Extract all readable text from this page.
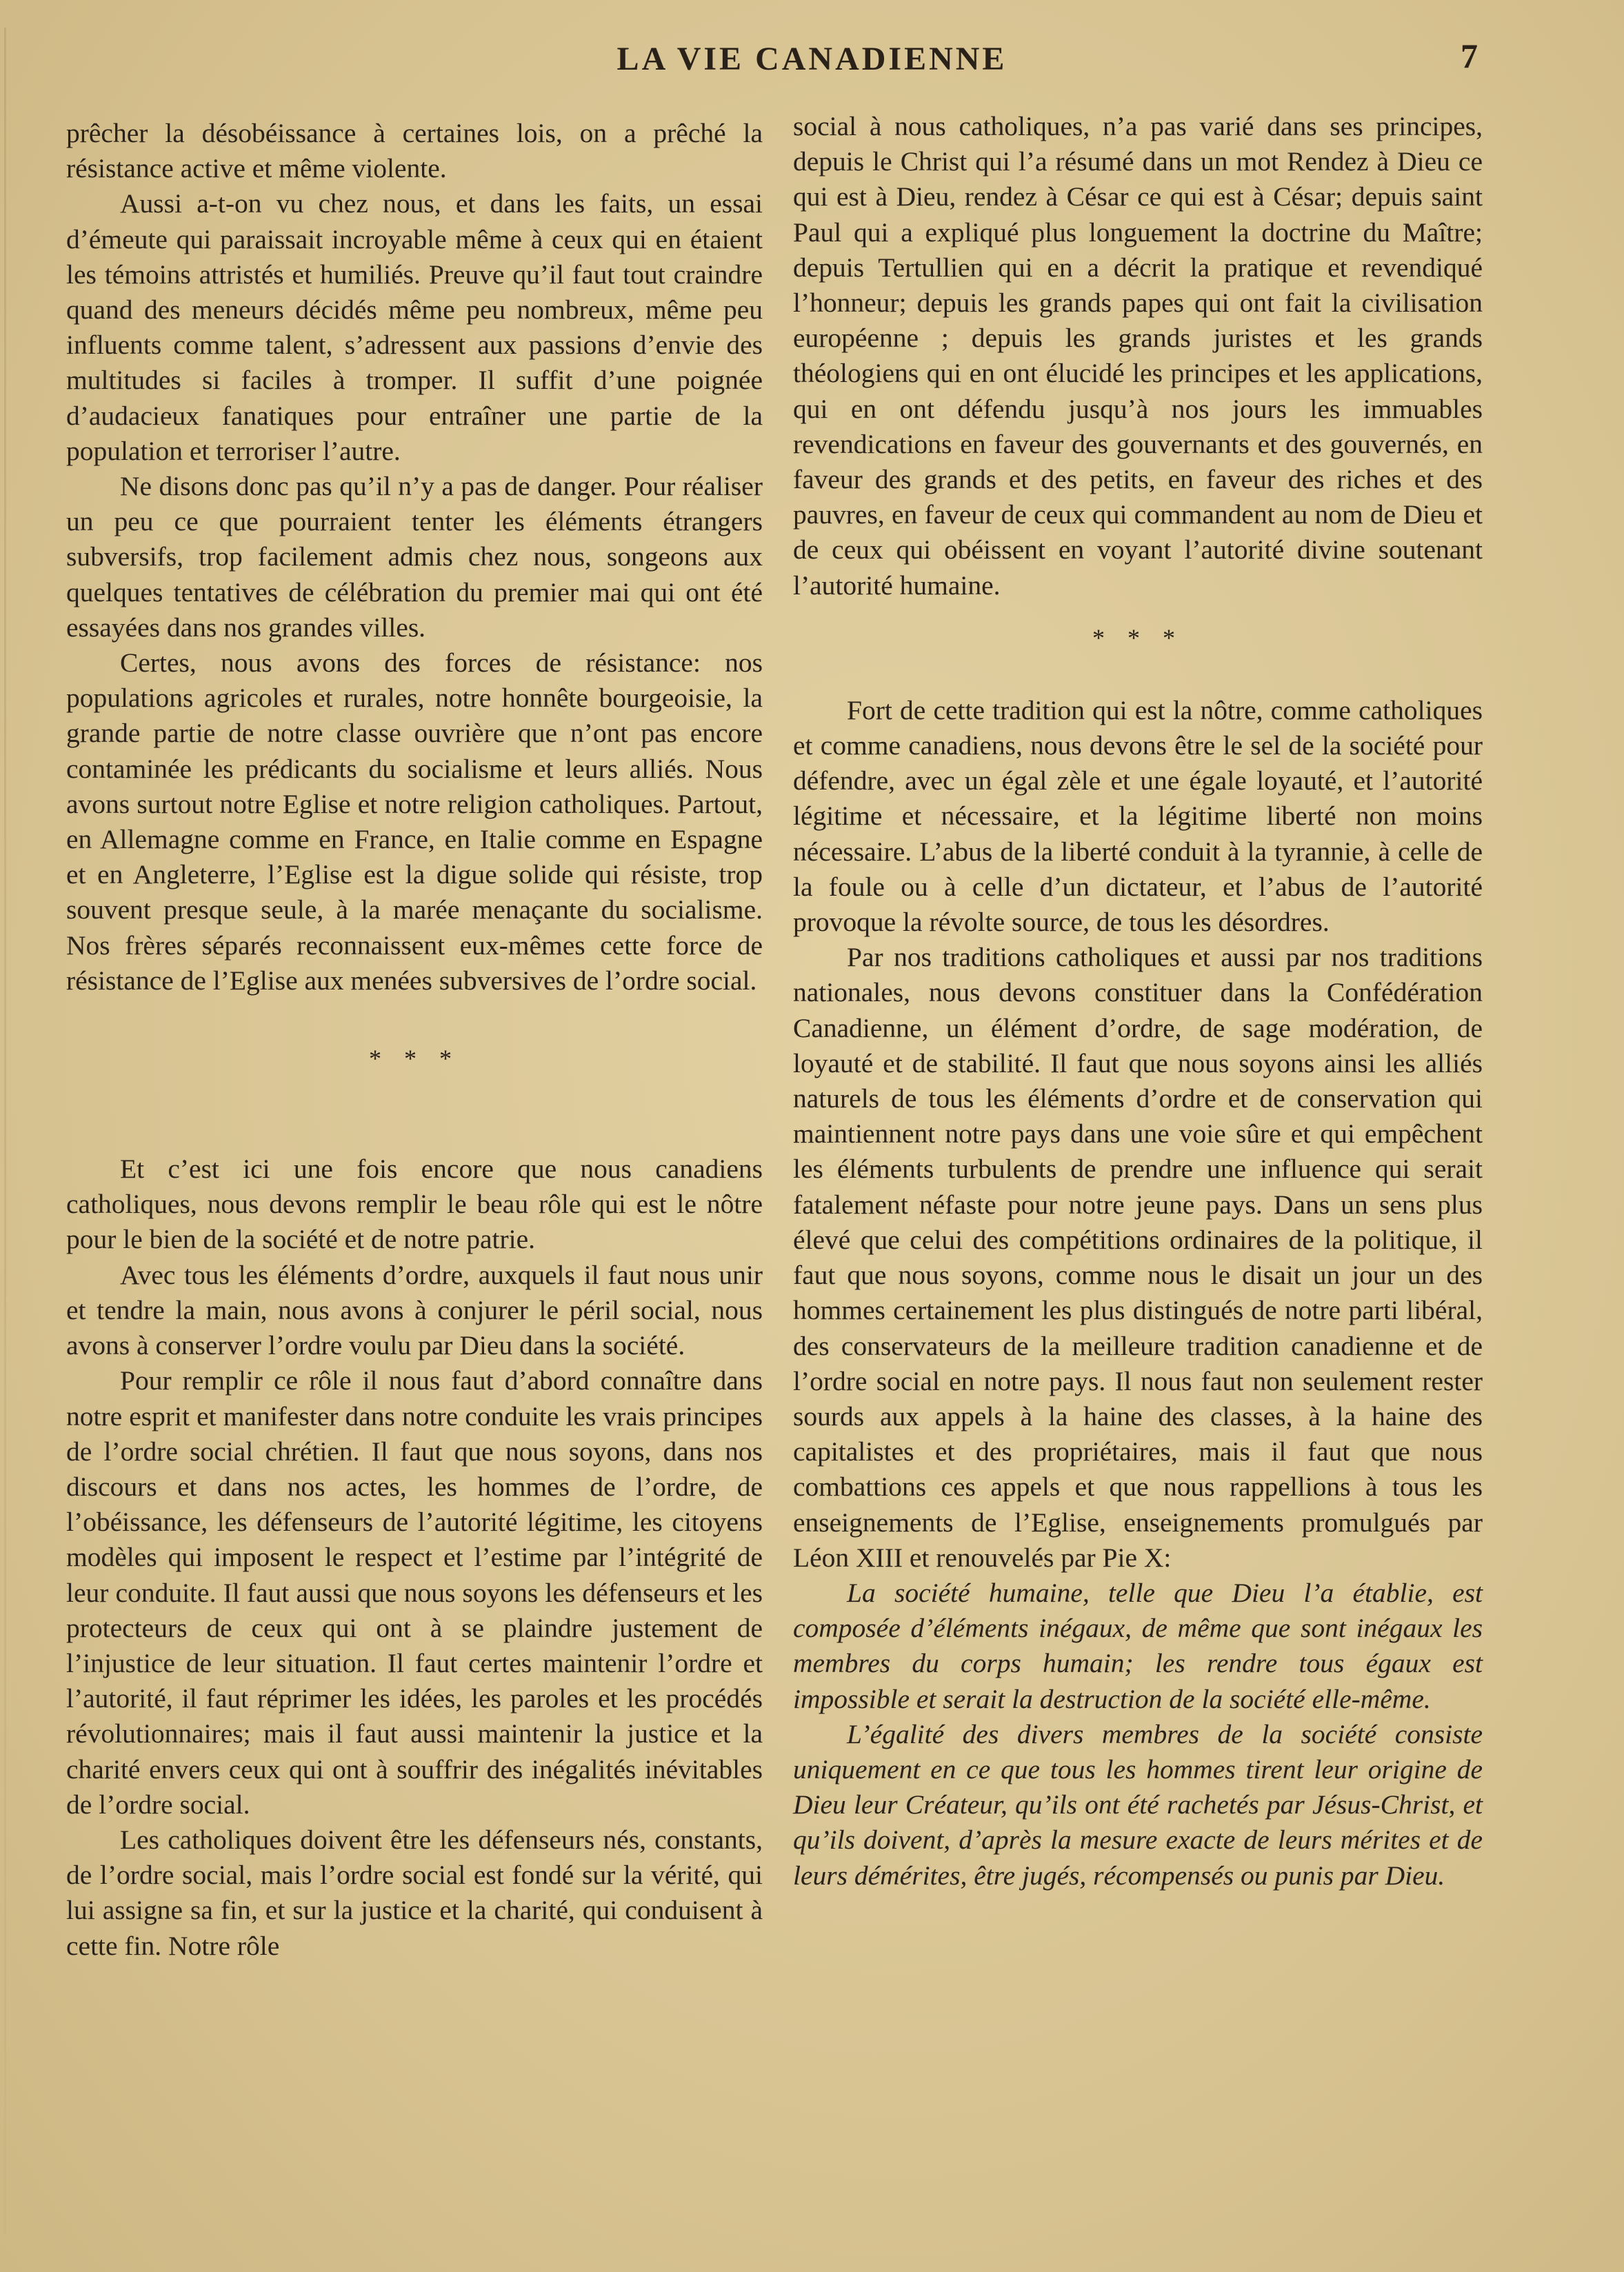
LA VIE CANADIENNE	7

prêcher la désobéissance à certaines lois, on a prêché la résistance active et même violente.

Aussi a-t-on vu chez nous, et dans les faits, un essai d’émeute qui paraissait incroyable même à ceux qui en étaient les témoins attristés et humiliés. Preuve qu’il faut tout craindre quand des meneurs décidés même peu nombreux, même peu influents comme talent, s’adressent aux passions d’envie des multitudes si faciles à tromper. Il suffit d’une poignée d’audacieux fanatiques pour entraîner une partie de la population et terroriser l’autre.

Ne disons donc pas qu’il n’y a pas de danger. Pour réaliser un peu ce que pourraient tenter les éléments étrangers subversifs, trop facilement admis chez nous, songeons aux quelques tentatives de célébration du premier mai qui ont été essayées dans nos grandes villes.

Certes, nous avons des forces de résistance: nos populations agricoles et rurales, notre honnête bourgeoisie, la grande partie de notre classe ouvrière que n’ont pas encore contaminée les prédicants du socialisme et leurs alliés. Nous avons surtout notre Eglise et notre religion catholiques. Partout, en Allemagne comme en France, en Italie comme en Espagne et en Angleterre, l’Eglise est la digue solide qui résiste, trop souvent presque seule, à la marée menaçante du socialisme. Nos frères séparés reconnaissent eux-mêmes cette force de résistance de l’Eglise aux menées subversives de l’ordre social.

* * *

Et c’est ici une fois encore que nous canadiens catholiques, nous devons remplir le beau rôle qui est le nôtre pour le bien de la société et de notre patrie.

Avec tous les éléments d’ordre, auxquels il faut nous unir et tendre la main, nous avons à conjurer le péril social, nous avons à conserver l’ordre voulu par Dieu dans la société.

Pour remplir ce rôle il nous faut d’abord connaître dans notre esprit et manifester dans notre conduite les vrais principes de l’ordre social chrétien. Il faut que nous soyons, dans nos discours et dans nos actes, les hommes de l’ordre, de l’obéissance, les défenseurs de l’autorité légitime, les citoyens modèles qui imposent le respect et l’estime par l’intégrité de leur conduite. Il faut aussi que nous soyons les défenseurs et les protecteurs de ceux qui ont à se plaindre justement de l’injustice de leur situation. Il faut certes maintenir l’ordre et l’autorité, il faut réprimer les idées, les paroles et les procédés révolutionnaires; mais il faut aussi maintenir la justice et la charité envers ceux qui ont à souffrir des inégalités inévitables de l’ordre social.

Les catholiques doivent être les défenseurs nés, constants, de l’ordre social, mais l’ordre social est fondé sur la vérité, qui lui assigne sa fin, et sur la justice et la charité, qui conduisent à cette fin. Notre rôle

social à nous catholiques, n’a pas varié dans ses principes, depuis le Christ qui l’a résumé dans un mot Rendez à Dieu ce qui est à Dieu, rendez à César ce qui est à César; depuis saint Paul qui a expliqué plus longuement la doctrine du Maître; depuis Tertullien qui en a décrit la pratique et revendiqué l’honneur; depuis les grands papes qui ont fait la civilisation européenne ; depuis les grands juristes et les grands théologiens qui en ont élucidé les principes et les applications, qui en ont défendu jusqu’à nos jours les immuables revendications en faveur des gouvernants et des gouvernés, en faveur des grands et des petits, en faveur des riches et des pauvres, en faveur de ceux qui commandent au nom de Dieu et de ceux qui obéissent en voyant l’autorité divine soutenant l’autorité humaine.

* * *

Fort de cette tradition qui est la nôtre, comme catholiques et comme canadiens, nous devons être le sel de la société pour défendre, avec un égal zèle et une égale loyauté, et l’autorité légitime et nécessaire, et la légitime liberté non moins nécessaire. L’abus de la liberté conduit à la tyrannie, à celle de la foule ou à celle d’un dictateur, et l’abus de l’autorité provoque la révolte source, de tous les désordres.

Par nos traditions catholiques et aussi par nos traditions nationales, nous devons constituer dans la Confédération Canadienne, un élément d’ordre, de sage modération, de loyauté et de stabilité. Il faut que nous soyons ainsi les alliés naturels de tous les éléments d’ordre et de conservation qui maintiennent notre pays dans une voie sûre et qui empêchent les éléments turbulents de prendre une influence qui serait fatalement néfaste pour notre jeune pays. Dans un sens plus élevé que celui des compétitions ordinaires de la politique, il faut que nous soyons, comme nous le disait un jour un des hommes certainement les plus distingués de notre parti libéral, des conservateurs de la meilleure tradition canadienne et de l’ordre social en notre pays. Il nous faut non seulement rester sourds aux appels à la haine des classes, à la haine des capitalistes et des propriétaires, mais il faut que nous combattions ces appels et que nous rappellions à tous les enseignements de l’Eglise, enseignements promulgués par Léon XIII et renouvelés par Pie X:

La société humaine, telle que Dieu l’a établie, est composée d’éléments inégaux, de même que sont inégaux les membres du corps humain; les rendre tous égaux est impossible et serait la destruction de la société elle-même.

L’égalité des divers membres de la société consiste uniquement en ce que tous les hommes tirent leur origine de Dieu leur Créateur, qu’ils ont été rachetés par Jésus-Christ, et qu’ils doivent, d’après la mesure exacte de leurs mérites et de leurs démérites, être jugés, récompensés ou punis par Dieu.
